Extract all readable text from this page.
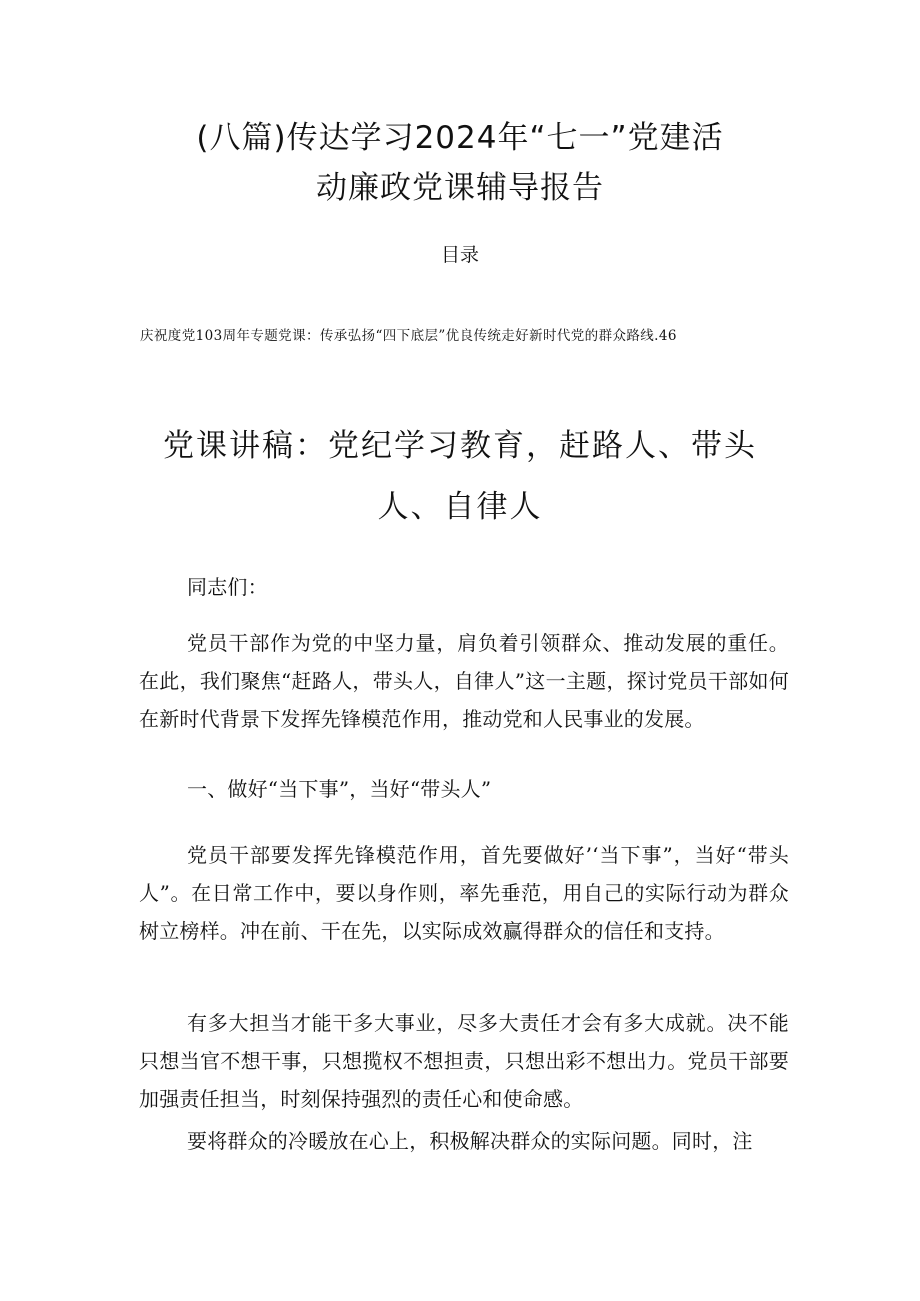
(八篇)传达学习2024年“七一”党建活
动廉政党课辅导报告
目录
庆祝度党103周年专题党课：传承弘扬“四下底层”优良传统走好新时代党的群众路线.46
党课讲稿：党纪学习教育，赶路人、带头
人、自律人
同志们：
党员干部作为党的中坚力量，肩负着引领群众、推动发展的重任。在此，我们聚焦“赶路人，带头人，自律人”这一主题，探讨党员干部如何在新时代背景下发挥先锋模范作用，推动党和人民事业的发展。
一、做好“当下事”，当好“带头人”
党员干部要发挥先锋模范作用，首先要做好’‘当下事”，当好“带头人”。在日常工作中，要以身作则，率先垂范，用自己的实际行动为群众树立榜样。冲在前、干在先，以实际成效赢得群众的信任和支持。
有多大担当才能干多大事业，尽多大责任才会有多大成就。决不能只想当官不想干事，只想揽权不想担责，只想出彩不想出力。党员干部要加强责任担当，时刻保持强烈的责任心和使命感。
要将群众的冷暖放在心上，积极解决群众的实际问题。同时，注
